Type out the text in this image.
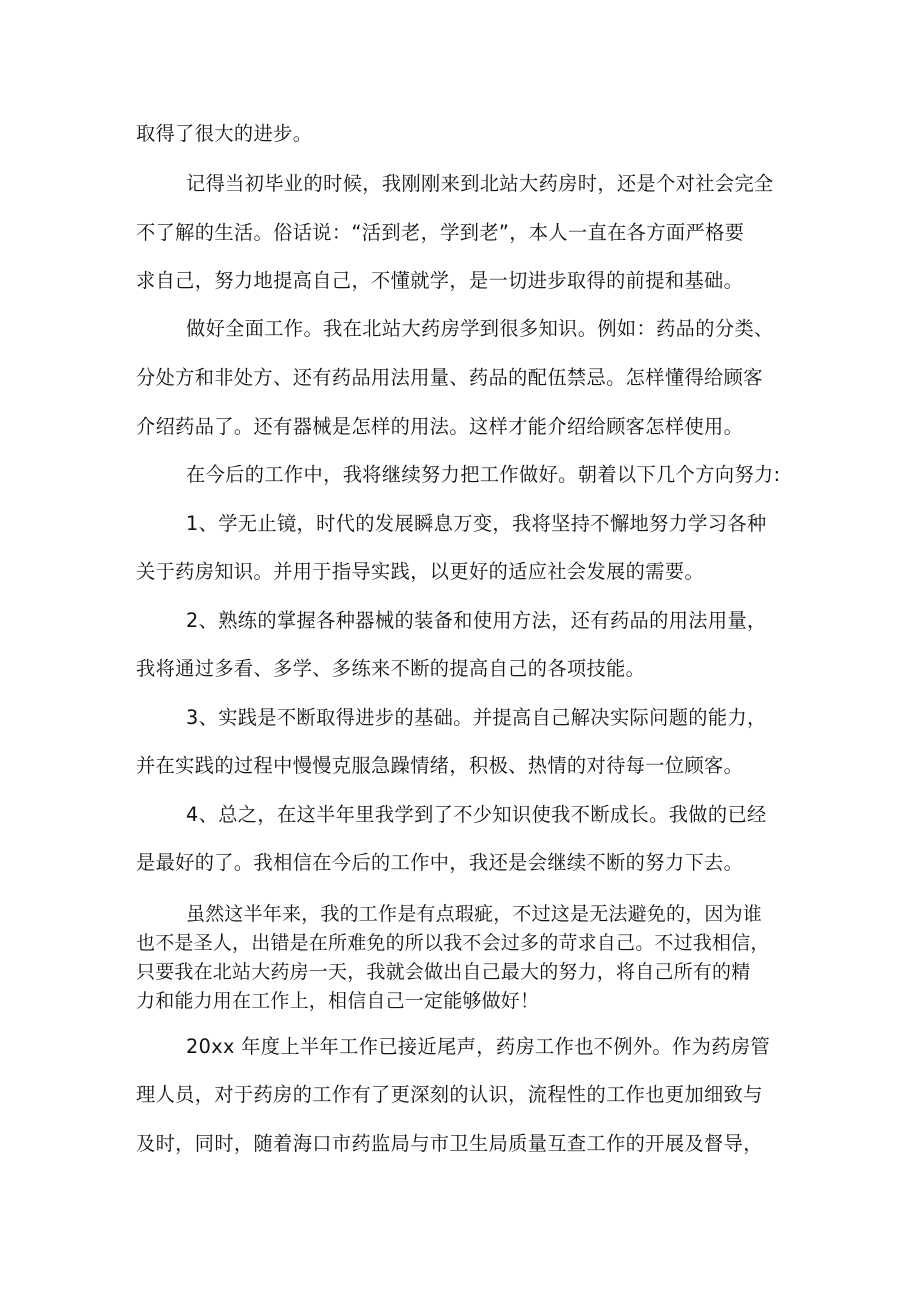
取得了很大的进步。
记得当初毕业的时候，我刚刚来到北站大药房时，还是个对社会完全
不了解的生活。俗话说：“活到老，学到老”，本人一直在各方面严格要
求自己，努力地提高自己，不懂就学，是一切进步取得的前提和基础。
做好全面工作。我在北站大药房学到很多知识。例如：药品的分类、
分处方和非处方、还有药品用法用量、药品的配伍禁忌。怎样懂得给顾客
介绍药品了。还有器械是怎样的用法。这样才能介绍给顾客怎样使用。
在今后的工作中，我将继续努力把工作做好。朝着以下几个方向努力:
1、学无止镜，时代的发展瞬息万变，我将坚持不懈地努力学习各种
关于药房知识。并用于指导实践，以更好的适应社会发展的需要。
2、熟练的掌握各种器械的装备和使用方法，还有药品的用法用量，
我将通过多看、多学、多练来不断的提高自己的各项技能。
3、实践是不断取得进步的基础。并提高自己解决实际问题的能力，
并在实践的过程中慢慢克服急躁情绪，积极、热情的对待每一位顾客。
4、总之，在这半年里我学到了不少知识使我不断成长。我做的已经
是最好的了。我相信在今后的工作中，我还是会继续不断的努力下去。
虽然这半年来，我的工作是有点瑕疵，不过这是无法避免的，因为谁
也不是圣人，出错是在所难免的所以我不会过多的苛求自己。不过我相信，
只要我在北站大药房一天，我就会做出自己最大的努力，将自己所有的精
力和能力用在工作上，相信自己一定能够做好！
20xx 年度上半年工作已接近尾声，药房工作也不例外。作为药房管
理人员，对于药房的工作有了更深刻的认识，流程性的工作也更加细致与
及时，同时，随着海口市药监局与市卫生局质量互查工作的开展及督导，
